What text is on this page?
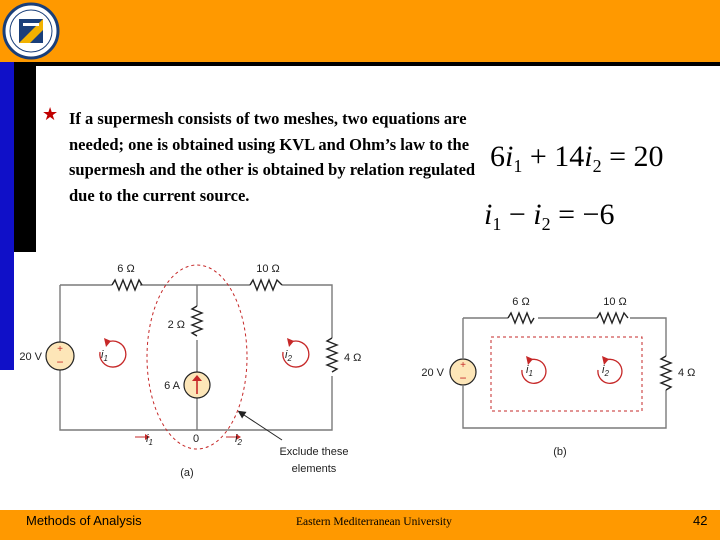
★ If a supermesh consists of two meshes, two equations are needed; one is obtained using KVL and Ohm’s law to the supermesh and the other is obtained by relation regulated due to the current source.

$6i_1 + 14i_2 = 20$
$i_1 - i_2 = -6$
+
−
6 Ω	10 Ω
2 Ω
4 Ω
20 V
6 A
$i_1$	$i_2$
$i_1$	0	$i_2$
Exclude these
elements
(a)
+
−
6 Ω	10 Ω
4 Ω
20 V	$i_1$	$i_2$
(b)
Methods of Analysis	Eastern Mediterranean University	42
